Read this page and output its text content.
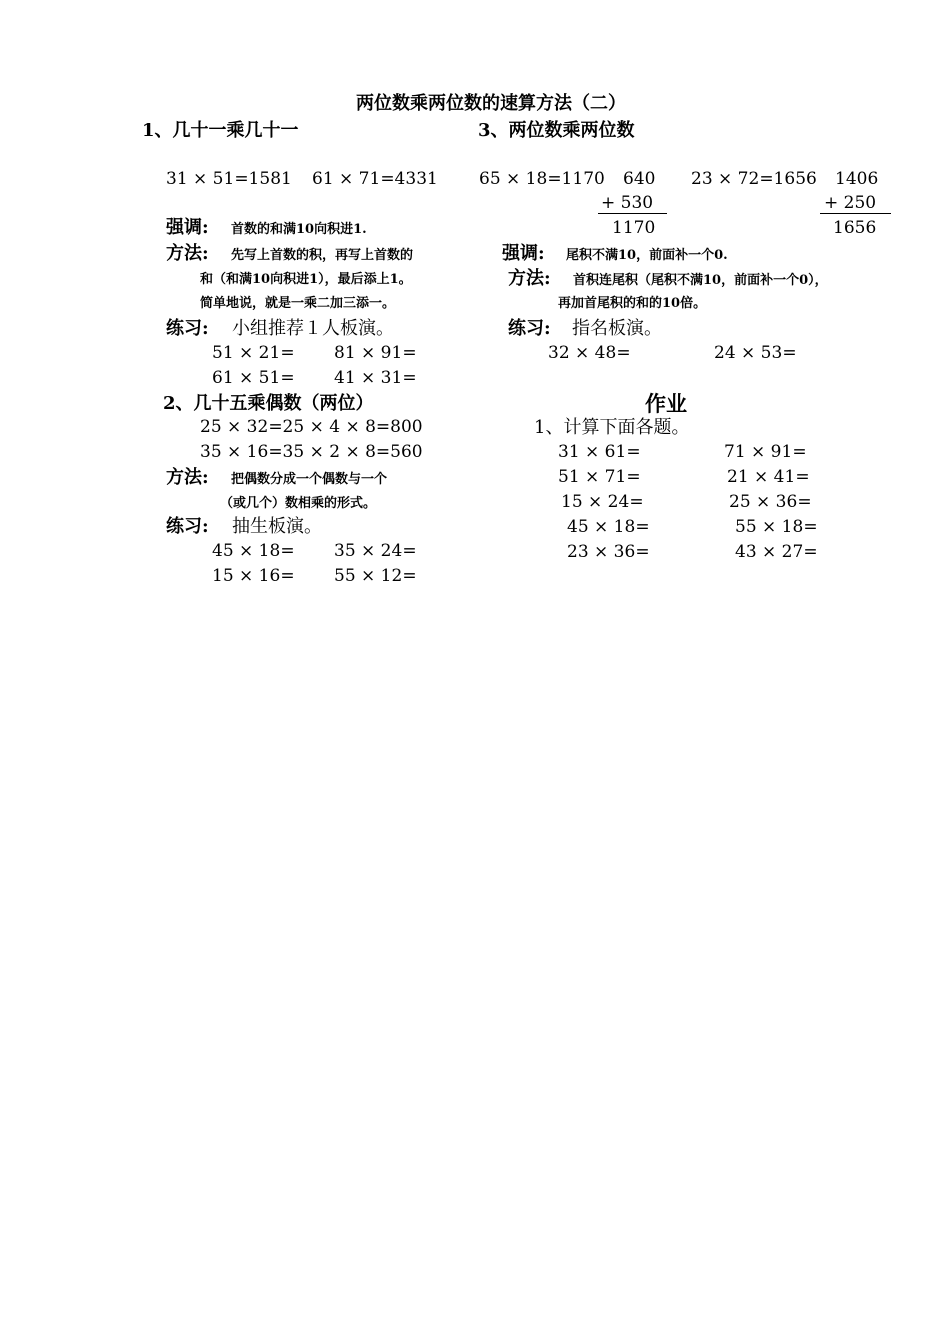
两位数乘两位数的速算方法（二）
1、几十一乘几十一
31 × 51=1581 61 × 71=4331
强调: 首数的和满10向积进1.
方法: 先写上首数的积，再写上首数的
和（和满10向积进1），最后添上1。
简单地说，就是一乘二加三添一。
练习: 小组推荐１人板演。
51 × 21= 81 × 91=
61 × 51= 41 × 31=
2、几十五乘偶数（两位）
25 × 32=25 × 4 × 8=800
35 × 16=35 × 2 × 8=560
方法: 把偶数分成一个偶数与一个
（或几个）数相乘的形式。
练习: 抽生板演。
45 × 18= 35 × 24=
15 × 16= 55 × 12=
3、两位数乘两位数
65 × 18=1170 640
+ 530
1170
23 × 72=1656 1406
+ 250
1656
强调: 尾积不满10，前面补一个0.
方法: 首积连尾积（尾积不满10，前面补一个0），
再加首尾积的和的10倍。
练习: 指名板演。
32 × 48=	24 × 53=
作业
1、计算下面各题。
31 × 61=	71 × 91=
51 × 71=	21 × 41=
15 × 24=	25 × 36=
45 × 18=	55 × 18=
23 × 36=	43 × 27=
